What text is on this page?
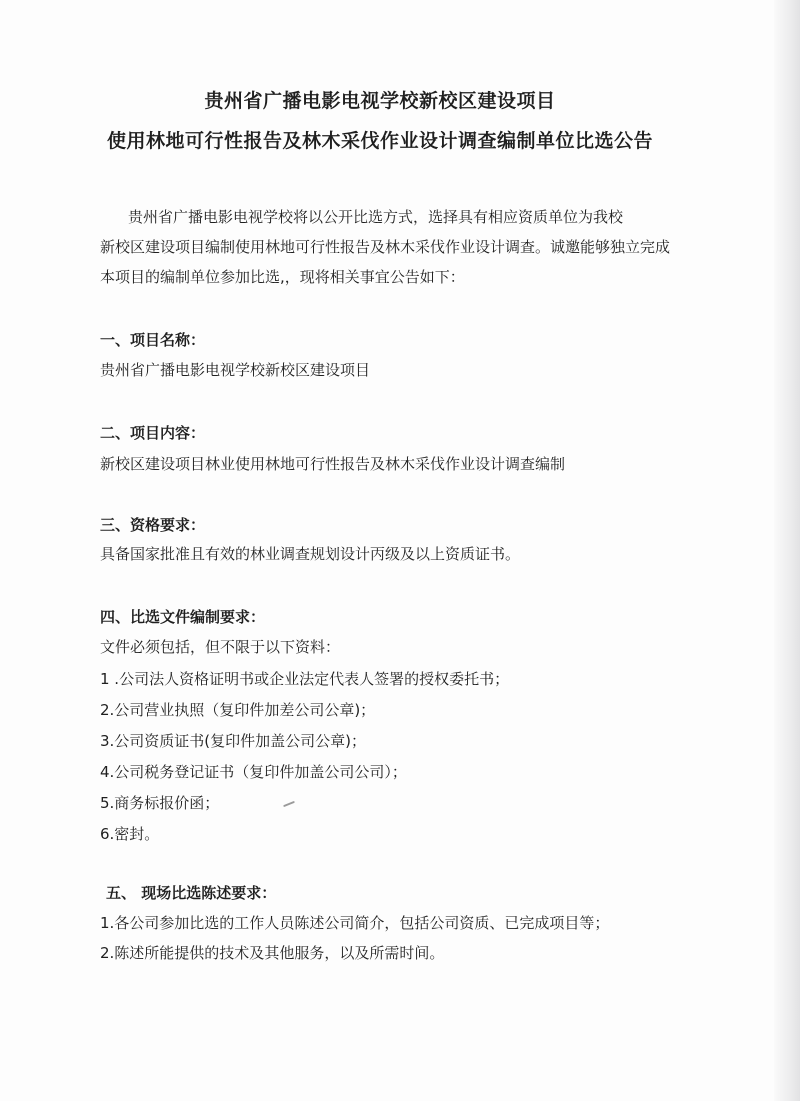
贵州省广播电影电视学校新校区建设项目
使用林地可行性报告及林木采伐作业设计调查编制单位比选公告
贵州省广播电影电视学校将以公开比选方式，选择具有相应资质单位为我校
新校区建设项目编制使用林地可行性报告及林木采伐作业设计调查。诚邀能够独立完成
本项目的编制单位参加比选,，现将相关事宜公告如下：
一、项目名称：
贵州省广播电影电视学校新校区建设项目
二、项目内容：
新校区建设项目林业使用林地可行性报告及林木采伐作业设计调查编制
三、资格要求：
具备国家批准且有效的林业调查规划设计丙级及以上资质证书。
四、比选文件编制要求：
文件必须包括，但不限于以下资料：
1 .公司法人资格证明书或企业法定代表人签署的授权委托书；
2.公司营业执照（复印件加差公司公章)；
3.公司资质证书(复印件加盖公司公章)；
4.公司税务登记证书（复印件加盖公司公司）；
5.商务标报价函；
6.密封。
五、 现场比选陈述要求：
1.各公司参加比选的工作人员陈述公司简介，包括公司资质、已完成项目等；
2.陈述所能提供的技术及其他服务，以及所需时间。
